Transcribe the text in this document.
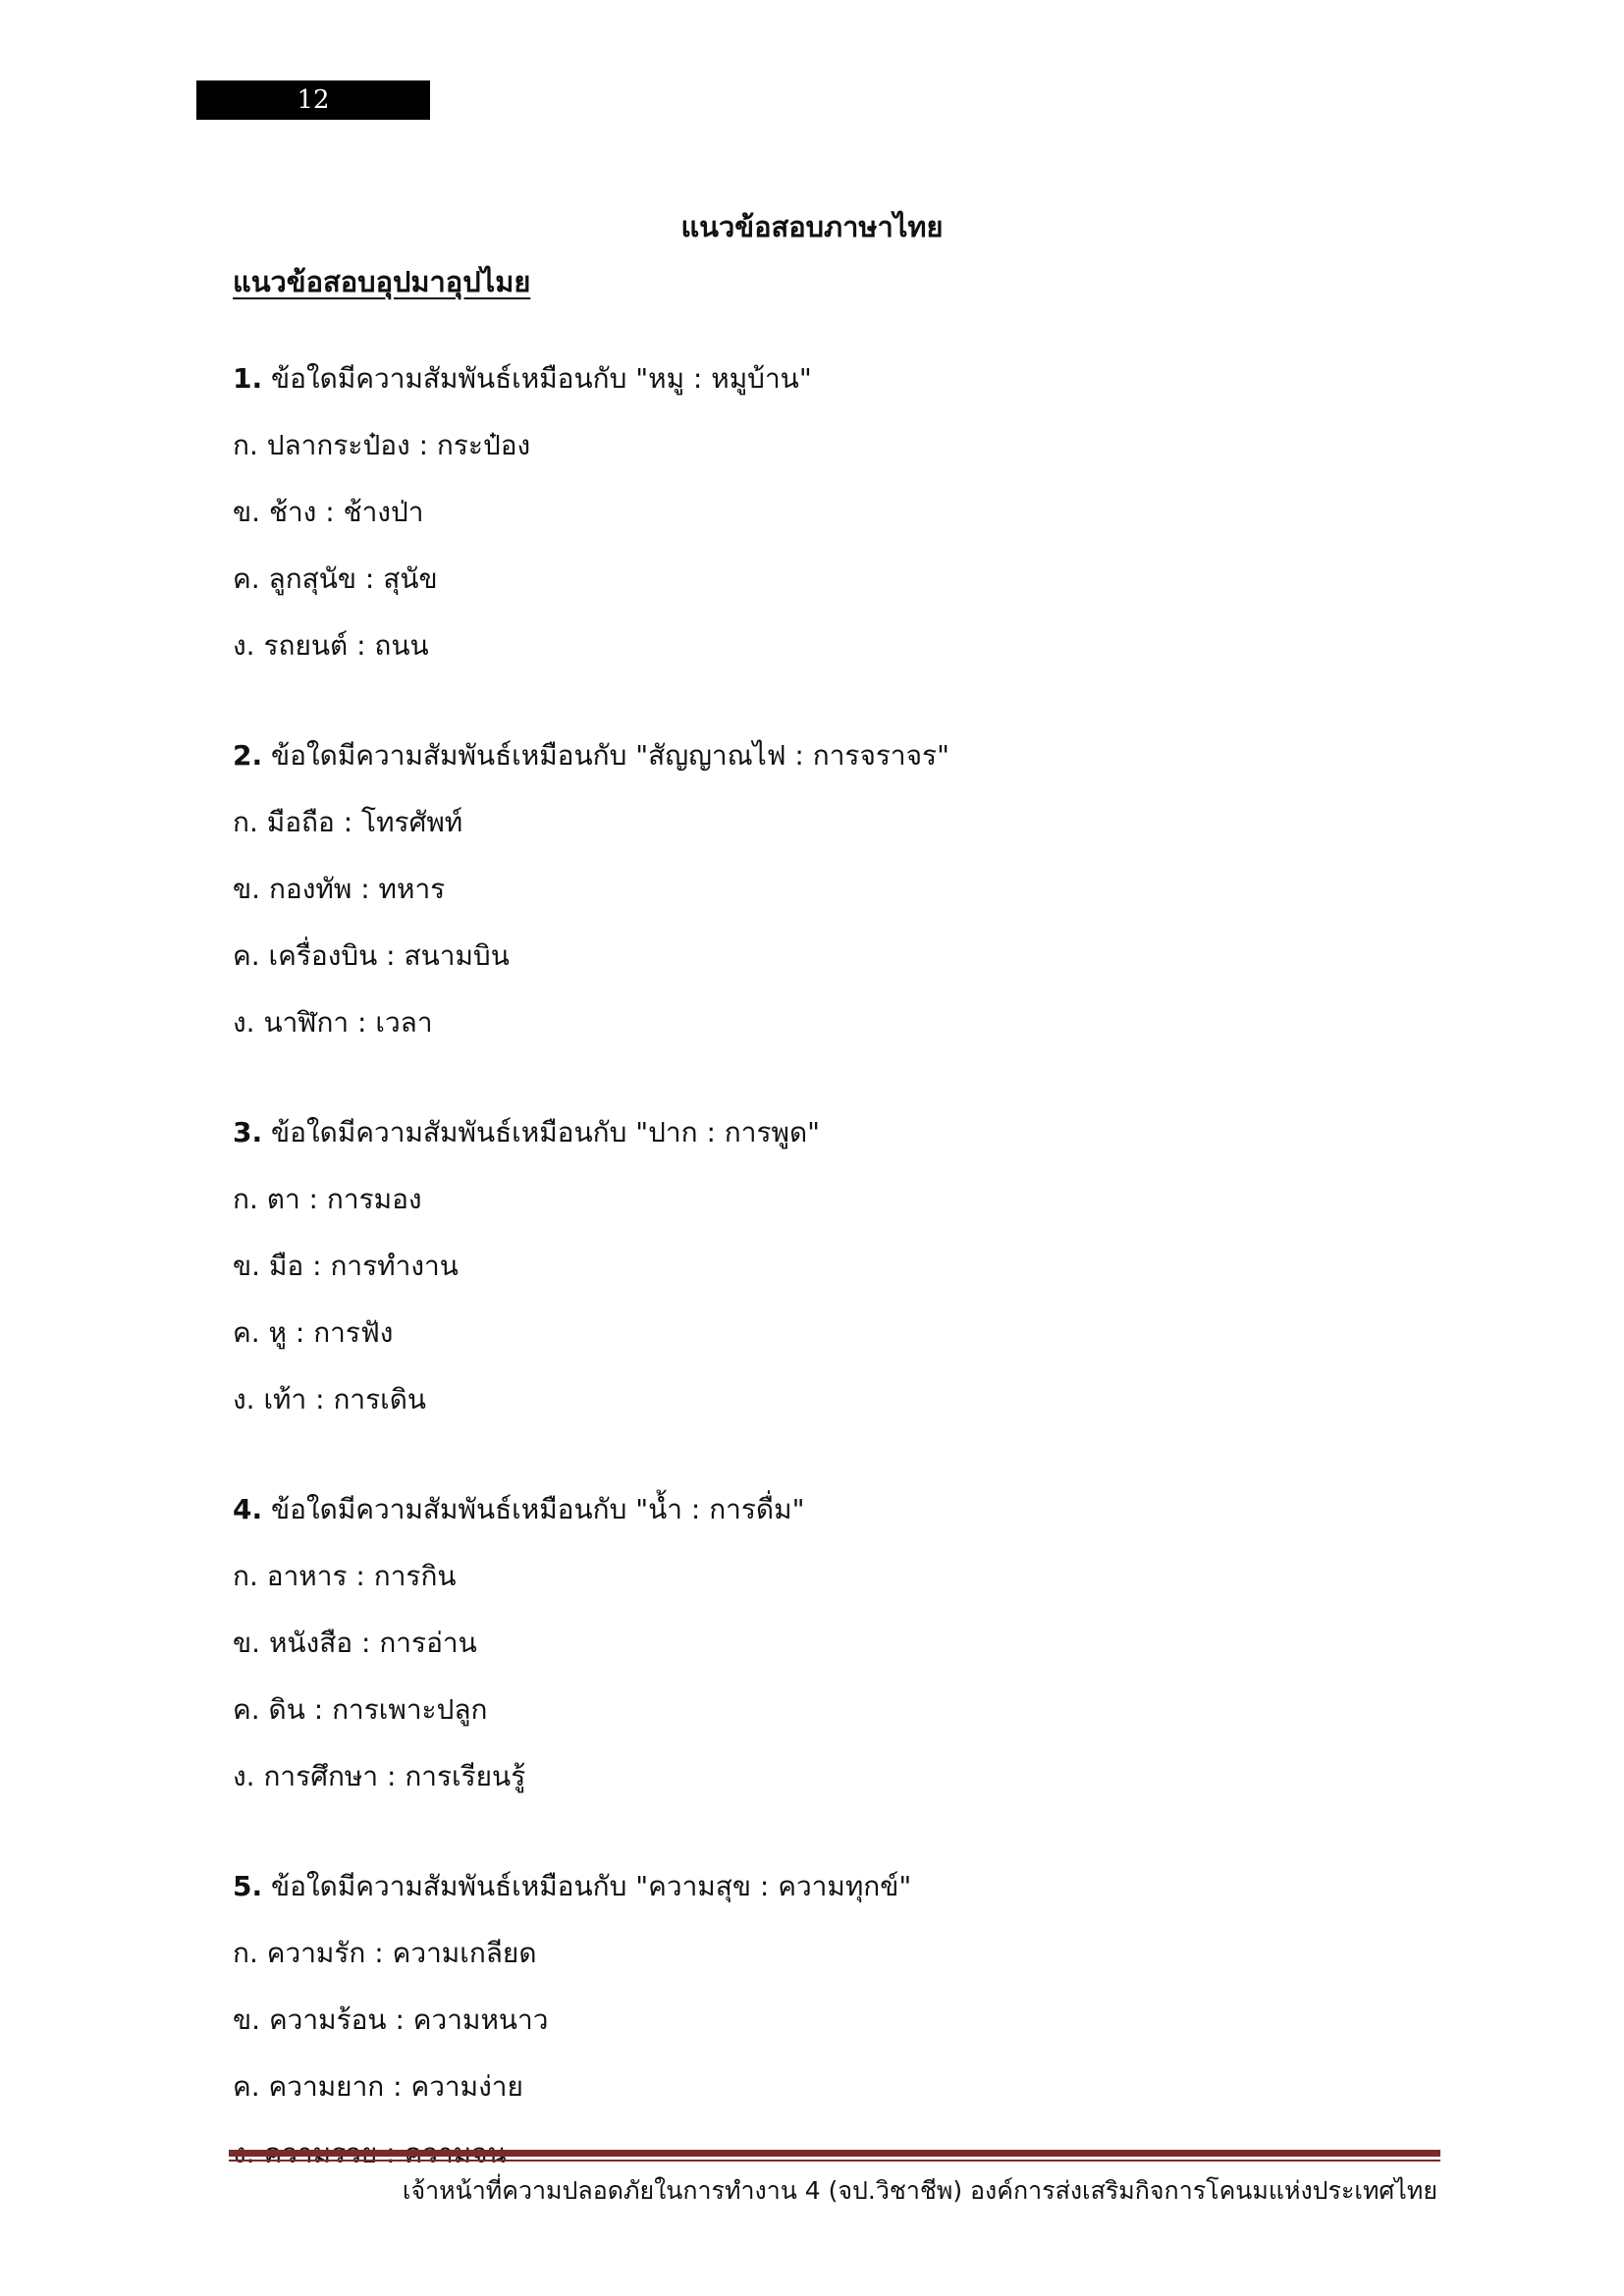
12
แนวข้อสอบภาษาไทย
แนวข้อสอบอุปมาอุปไมย
1. ข้อใดมีความสัมพันธ์เหมือนกับ "หมู : หมูบ้าน"
ก. ปลากระป๋อง : กระป๋อง
ข. ช้าง : ช้างป่า
ค. ลูกสุนัข : สุนัข
ง. รถยนต์ : ถนน
2. ข้อใดมีความสัมพันธ์เหมือนกับ "สัญญาณไฟ : การจราจร"
ก. มือถือ : โทรศัพท์
ข. กองทัพ : ทหาร
ค. เครื่องบิน : สนามบิน
ง. นาฬิกา : เวลา
3. ข้อใดมีความสัมพันธ์เหมือนกับ "ปาก : การพูด"
ก. ตา : การมอง
ข. มือ : การทำงาน
ค. หู : การฟัง
ง. เท้า : การเดิน
4. ข้อใดมีความสัมพันธ์เหมือนกับ "น้ำ : การดื่ม"
ก. อาหาร : การกิน
ข. หนังสือ : การอ่าน
ค. ดิน : การเพาะปลูก
ง. การศึกษา : การเรียนรู้
5. ข้อใดมีความสัมพันธ์เหมือนกับ "ความสุข : ความทุกข์"
ก. ความรัก : ความเกลียด
ข. ความร้อน : ความหนาว
ค. ความยาก : ความง่าย
ง. ความรวย : ความจน
เจ้าหน้าที่ความปลอดภัยในการทำงาน 4 (จป.วิชาชีพ) องค์การส่งเสริมกิจการโคนมแห่งประเทศไทย
